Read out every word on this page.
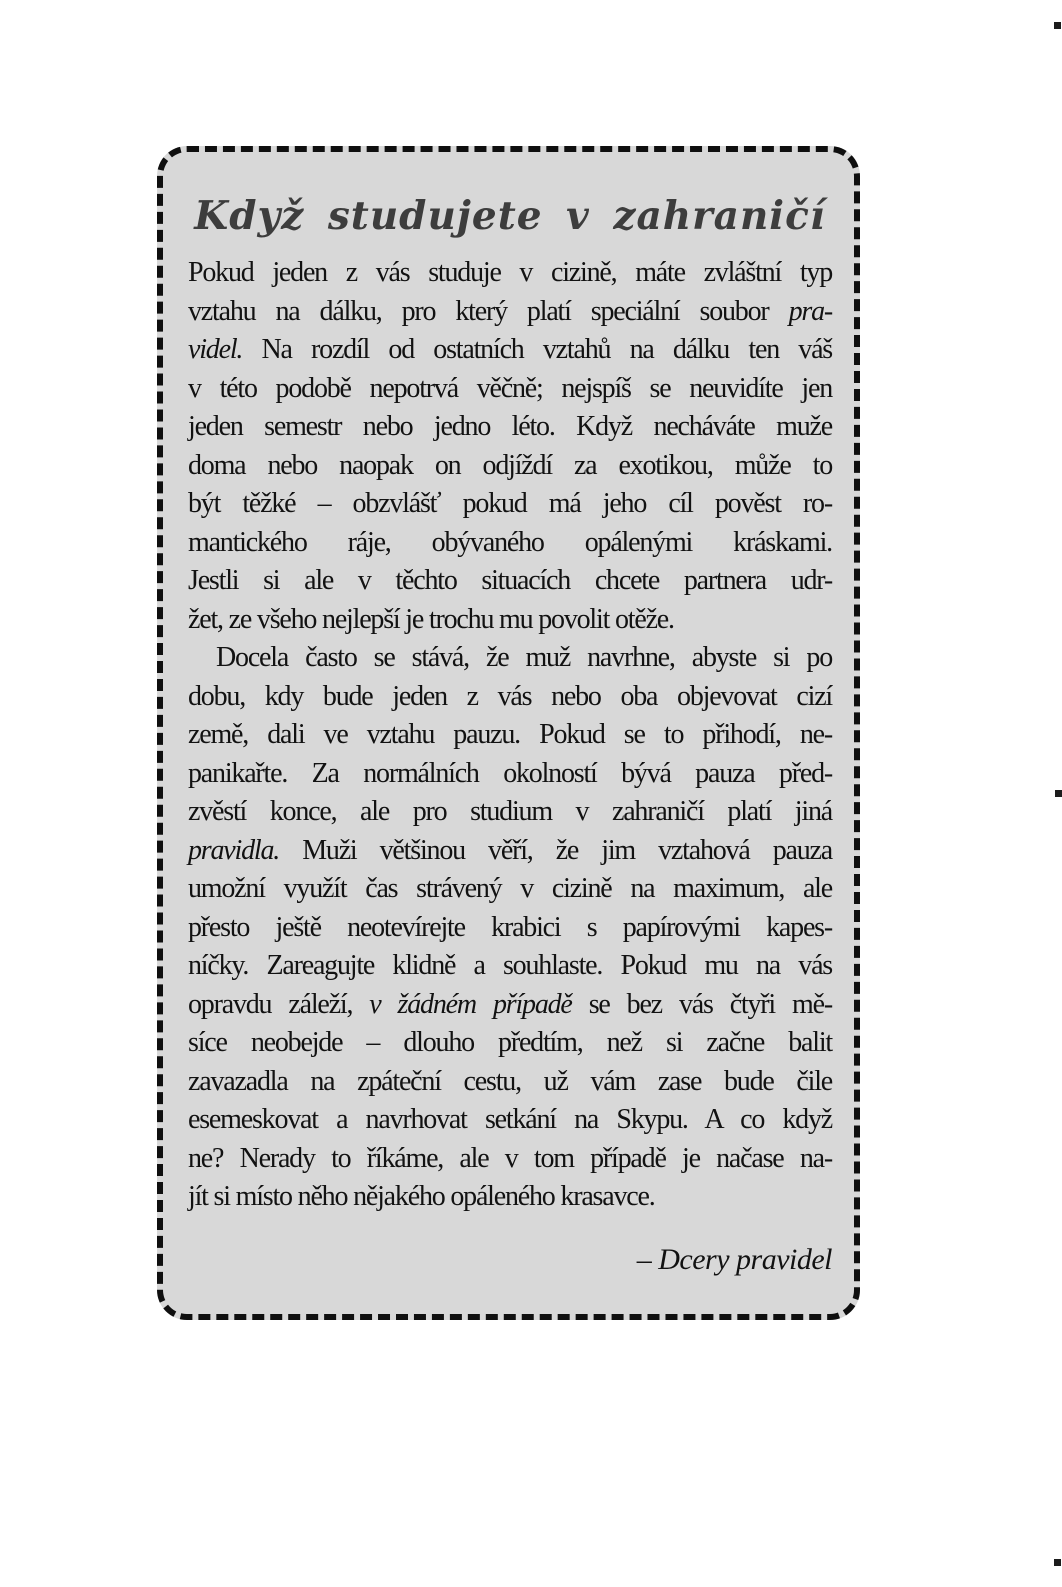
Když studujete v zahraničí
Pokud jeden z vás studuje v cizině, máte zvláštní typ
vztahu na dálku, pro který platí speciální soubor pra-
videl. Na rozdíl od ostatních vztahů na dálku ten váš
v této podobě nepotrvá věčně; nejspíš se neuvidíte jen
jeden semestr nebo jedno léto. Když necháváte muže
doma nebo naopak on odjíždí za exotikou, může to
být těžké – obzvlášť pokud má jeho cíl pověst ro-
mantického ráje, obývaného opálenými kráskami.
Jestli si ale v těchto situacích chcete partnera udr-
žet, ze všeho nejlepší je trochu mu povolit otěže.
Docela často se stává, že muž navrhne, abyste si po
dobu, kdy bude jeden z vás nebo oba objevovat cizí
země, dali ve vztahu pauzu. Pokud se to přihodí, ne-
panikařte. Za normálních okolností bývá pauza před-
zvěstí konce, ale pro studium v zahraničí platí jiná
pravidla. Muži většinou věří, že jim vztahová pauza
umožní využít čas strávený v cizině na maximum, ale
přesto ještě neotevírejte krabici s papírovými kapes-
níčky. Zareagujte klidně a souhlaste. Pokud mu na vás
opravdu záleží, v žádném případě se bez vás čtyři mě-
síce neobejde – dlouho předtím, než si začne balit
zavazadla na zpáteční cestu, už vám zase bude čile
esemeskovat a navrhovat setkání na Skypu. A co když
ne? Nerady to říkáme, ale v tom případě je načase na-
jít si místo něho nějakého opáleného krasavce.
– Dcery pravidel
